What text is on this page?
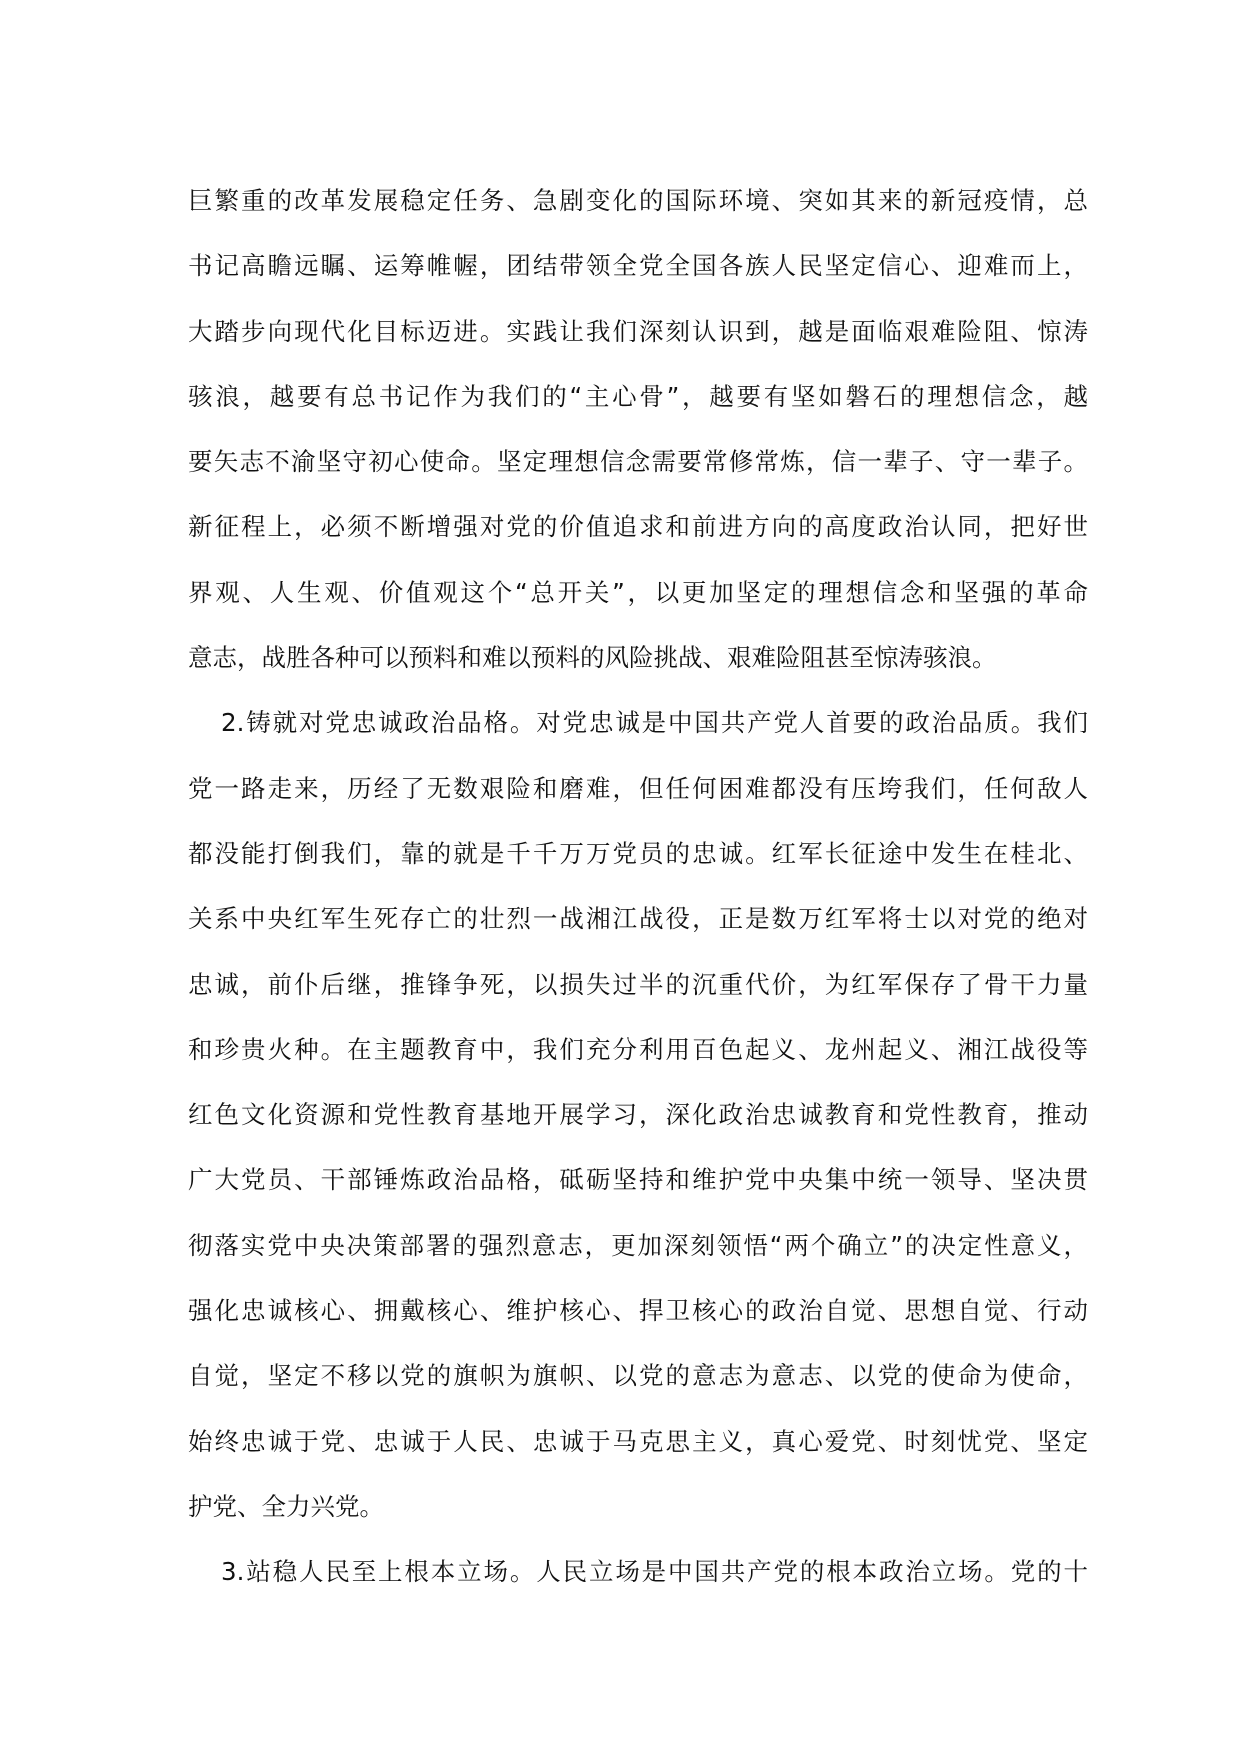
巨繁重的改革发展稳定任务、急剧变化的国际环境、突如其来的新冠疫情，总
书记高瞻远瞩、运筹帷幄，团结带领全党全国各族人民坚定信心、迎难而上，
大踏步向现代化目标迈进。实践让我们深刻认识到，越是面临艰难险阻、惊涛
骇浪，越要有总书记作为我们的“主心骨”，越要有坚如磐石的理想信念，越
要矢志不渝坚守初心使命。坚定理想信念需要常修常炼，信一辈子、守一辈子。
新征程上，必须不断增强对党的价值追求和前进方向的高度政治认同，把好世
界观、人生观、价值观这个“总开关”，以更加坚定的理想信念和坚强的革命
意志，战胜各种可以预料和难以预料的风险挑战、艰难险阻甚至惊涛骇浪。
2.铸就对党忠诚政治品格。对党忠诚是中国共产党人首要的政治品质。我们
党一路走来，历经了无数艰险和磨难，但任何困难都没有压垮我们，任何敌人
都没能打倒我们，靠的就是千千万万党员的忠诚。红军长征途中发生在桂北、
关系中央红军生死存亡的壮烈一战湘江战役，正是数万红军将士以对党的绝对
忠诚，前仆后继，推锋争死，以损失过半的沉重代价，为红军保存了骨干力量
和珍贵火种。在主题教育中，我们充分利用百色起义、龙州起义、湘江战役等
红色文化资源和党性教育基地开展学习，深化政治忠诚教育和党性教育，推动
广大党员、干部锤炼政治品格，砥砺坚持和维护党中央集中统一领导、坚决贯
彻落实党中央决策部署的强烈意志，更加深刻领悟“两个确立”的决定性意义，
强化忠诚核心、拥戴核心、维护核心、捍卫核心的政治自觉、思想自觉、行动
自觉，坚定不移以党的旗帜为旗帜、以党的意志为意志、以党的使命为使命，
始终忠诚于党、忠诚于人民、忠诚于马克思主义，真心爱党、时刻忧党、坚定
护党、全力兴党。
3.站稳人民至上根本立场。人民立场是中国共产党的根本政治立场。党的十
